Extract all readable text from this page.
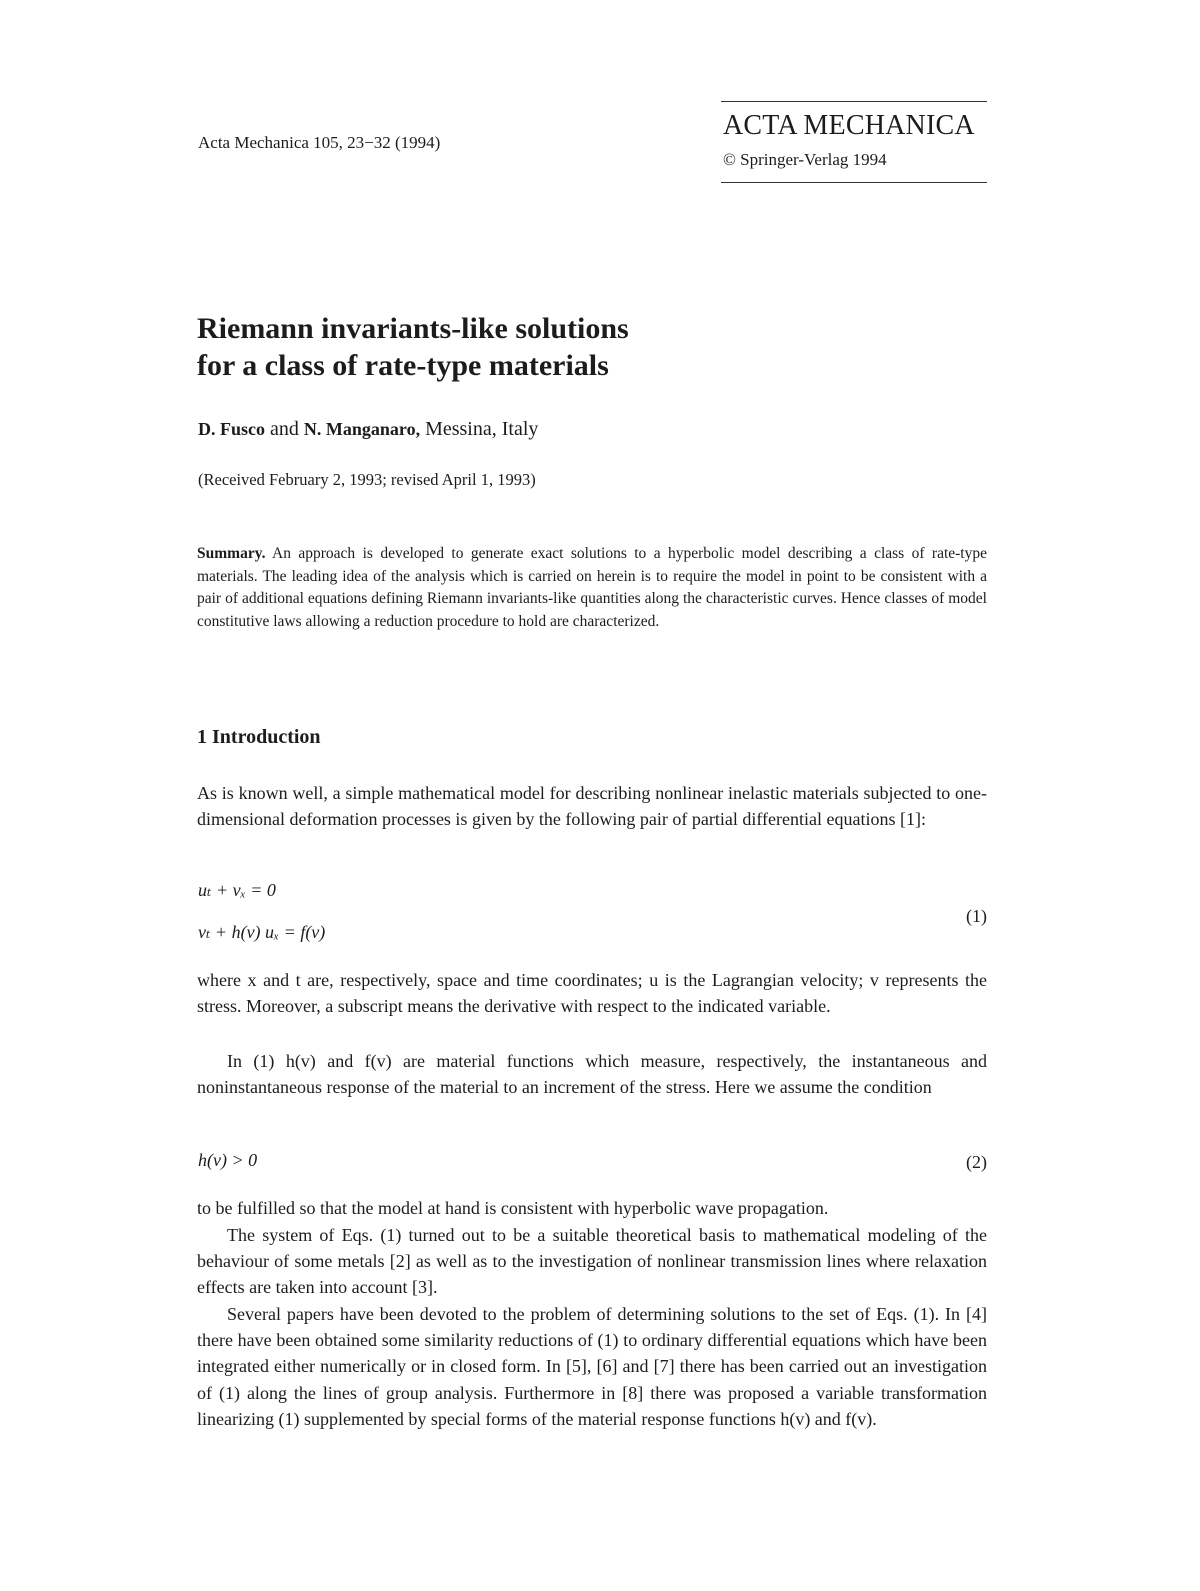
Acta Mechanica 105, 23−32 (1994)
ACTA MECHANICA
© Springer-Verlag 1994
Riemann invariants-like solutions
for a class of rate-type materials
D. Fusco and N. Manganaro, Messina, Italy
(Received February 2, 1993; revised April 1, 1993)

Summary. An approach is developed to generate exact solutions to a hyperbolic model describing a class of rate-type materials. The leading idea of the analysis which is carried on herein is to require the model in point to be consistent with a pair of additional equations defining Riemann invariants-like quantities along the characteristic curves. Hence classes of model constitutive laws allowing a reduction procedure to hold are characterized.

1 Introduction

As is known well, a simple mathematical model for describing nonlinear inelastic materials subjected to one-dimensional deformation processes is given by the following pair of partial differential equations [1]:

uₜ + vₓ = 0
vₜ + h(v) uₓ = f(v)
(1)

where x and t are, respectively, space and time coordinates; u is the Lagrangian velocity; v represents the stress. Moreover, a subscript means the derivative with respect to the indicated variable.

In (1) h(v) and f(v) are material functions which measure, respectively, the instantaneous and noninstantaneous response of the material to an increment of the stress. Here we assume the condition

h(v) > 0	(2)

to be fulfilled so that the model at hand is consistent with hyperbolic wave propagation.

The system of Eqs. (1) turned out to be a suitable theoretical basis to mathematical modeling of the behaviour of some metals [2] as well as to the investigation of nonlinear transmission lines where relaxation effects are taken into account [3].

Several papers have been devoted to the problem of determining solutions to the set of Eqs. (1). In [4] there have been obtained some similarity reductions of (1) to ordinary differential equations which have been integrated either numerically or in closed form. In [5], [6] and [7] there has been carried out an investigation of (1) along the lines of group analysis. Furthermore in [8] there was proposed a variable transformation linearizing (1) supplemented by special forms of the material response functions h(v) and f(v).
